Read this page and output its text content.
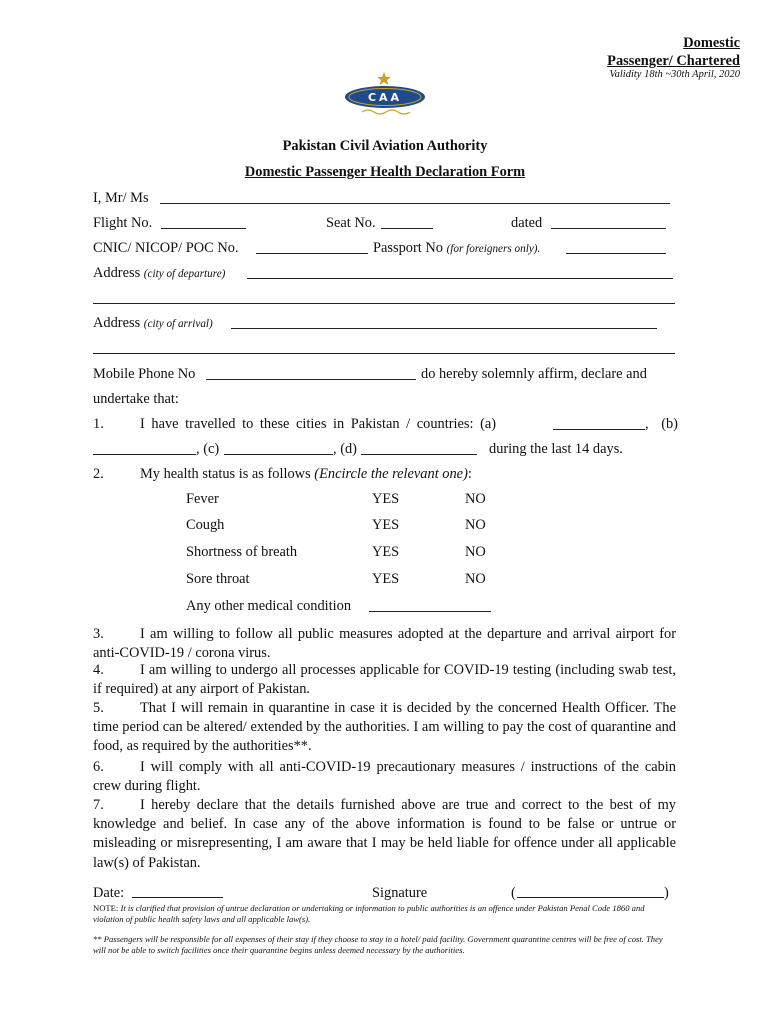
Domestic
Passenger/ Chartered
Validity 18th ~30th April, 2020
CAA
Pakistan Civil Aviation Authority
Domestic Passenger Health Declaration Form
I, Mr/ Ms
Flight No.	Seat No.	dated
CNIC/ NICOP/ POC No.	Passport No (for foreigners only).
Address (city of departure)
Address (city of arrival)
Mobile Phone No	do hereby solemnly affirm, declare and
undertake that:
1.	I have travelled to these cities in Pakistan / countries: (a)	, (b)
, (c)	, (d)	during the last 14 days.
2.	My health status is as follows (Encircle the relevant one):
Fever	YES	NO
Cough	YES	NO
Shortness of breath	YES	NO
Sore throat	YES	NO
Any other medical condition
3.	I am willing to follow all public measures adopted at the departure and arrival airport for anti-COVID-19 / corona virus.
4.	I am willing to undergo all processes applicable for COVID-19 testing (including swab test, if required) at any airport of Pakistan.
5.	That I will remain in quarantine in case it is decided by the concerned Health Officer. The time period can be altered/ extended by the authorities. I am willing to pay the cost of quarantine and food, as required by the authorities**.
6.	I will comply with all anti-COVID-19 precautionary measures / instructions of the cabin crew during flight.
7.	I hereby declare that the details furnished above are true and correct to the best of my knowledge and belief. In case any of the above information is found to be false or untrue or misleading or misrepresenting, I am aware that I may be held liable for offence under all applicable law(s) of Pakistan.
Date:	Signature	(	)
NOTE: It is clarified that provision of untrue declaration or undertaking or information to public authorities is an offence under Pakistan Penal Code 1860 and violation of public health safety laws and all applicable law(s).
** Passengers will be responsible for all expenses of their stay if they choose to stay in a hotel/ paid facility. Government quarantine centres will be free of cost. They will not be able to switch facilities once their quarantine begins unless deemed necessary by the authorities.
